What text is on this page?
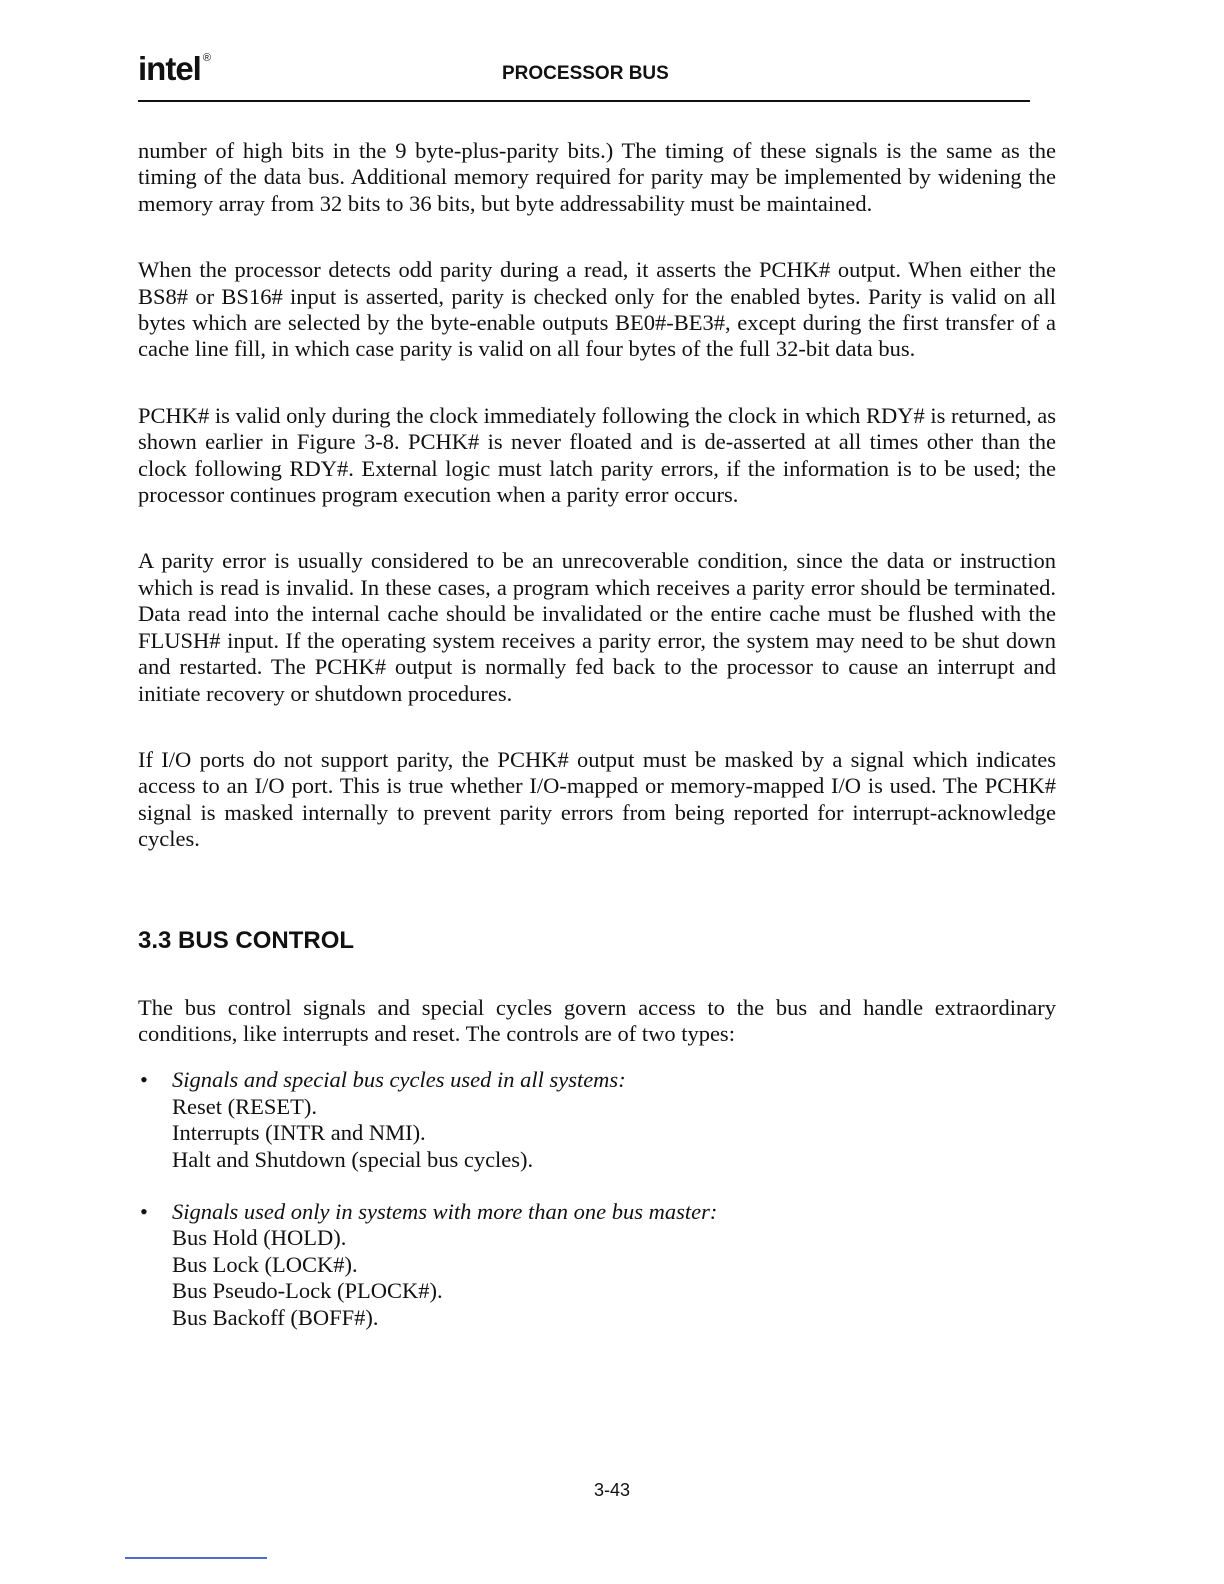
intel ®
PROCESSOR BUS

number of high bits in the 9 byte-plus-parity bits.) The timing of these signals is the same as the timing of the data bus. Additional memory required for parity may be implemented by widening the memory array from 32 bits to 36 bits, but byte addressability must be maintained.

When the processor detects odd parity during a read, it asserts the PCHK# output. When either the BS8# or BS16# input is asserted, parity is checked only for the enabled bytes. Parity is valid on all bytes which are selected by the byte-enable outputs BE0#-BE3#, except during the first transfer of a cache line fill, in which case parity is valid on all four bytes of the full 32-bit data bus.

PCHK# is valid only during the clock immediately following the clock in which RDY# is returned, as shown earlier in Figure 3-8. PCHK# is never floated and is de-asserted at all times other than the clock following RDY#. External logic must latch parity errors, if the information is to be used; the processor continues program execution when a parity error occurs.

A parity error is usually considered to be an unrecoverable condition, since the data or instruction which is read is invalid. In these cases, a program which receives a parity error should be terminated. Data read into the internal cache should be invalidated or the entire cache must be flushed with the FLUSH# input. If the operating system receives a parity error, the system may need to be shut down and restarted. The PCHK# output is normally fed back to the processor to cause an interrupt and initiate recovery or shutdown procedures.

If I/O ports do not support parity, the PCHK# output must be masked by a signal which indicates access to an I/O port. This is true whether I/O-mapped or memory-mapped I/O is used. The PCHK# signal is masked internally to prevent parity errors from being reported for interrupt-acknowledge cycles.

3.3 BUS CONTROL

The bus control signals and special cycles govern access to the bus and handle extraordinary conditions, like interrupts and reset. The controls are of two types:

• Signals and special bus cycles used in all systems:
Reset (RESET).
Interrupts (INTR and NMI).
Halt and Shutdown (special bus cycles).
• Signals used only in systems with more than one bus master:
Bus Hold (HOLD).
Bus Lock (LOCK#).
Bus Pseudo-Lock (PLOCK#).
Bus Backoff (BOFF#).
3-43
